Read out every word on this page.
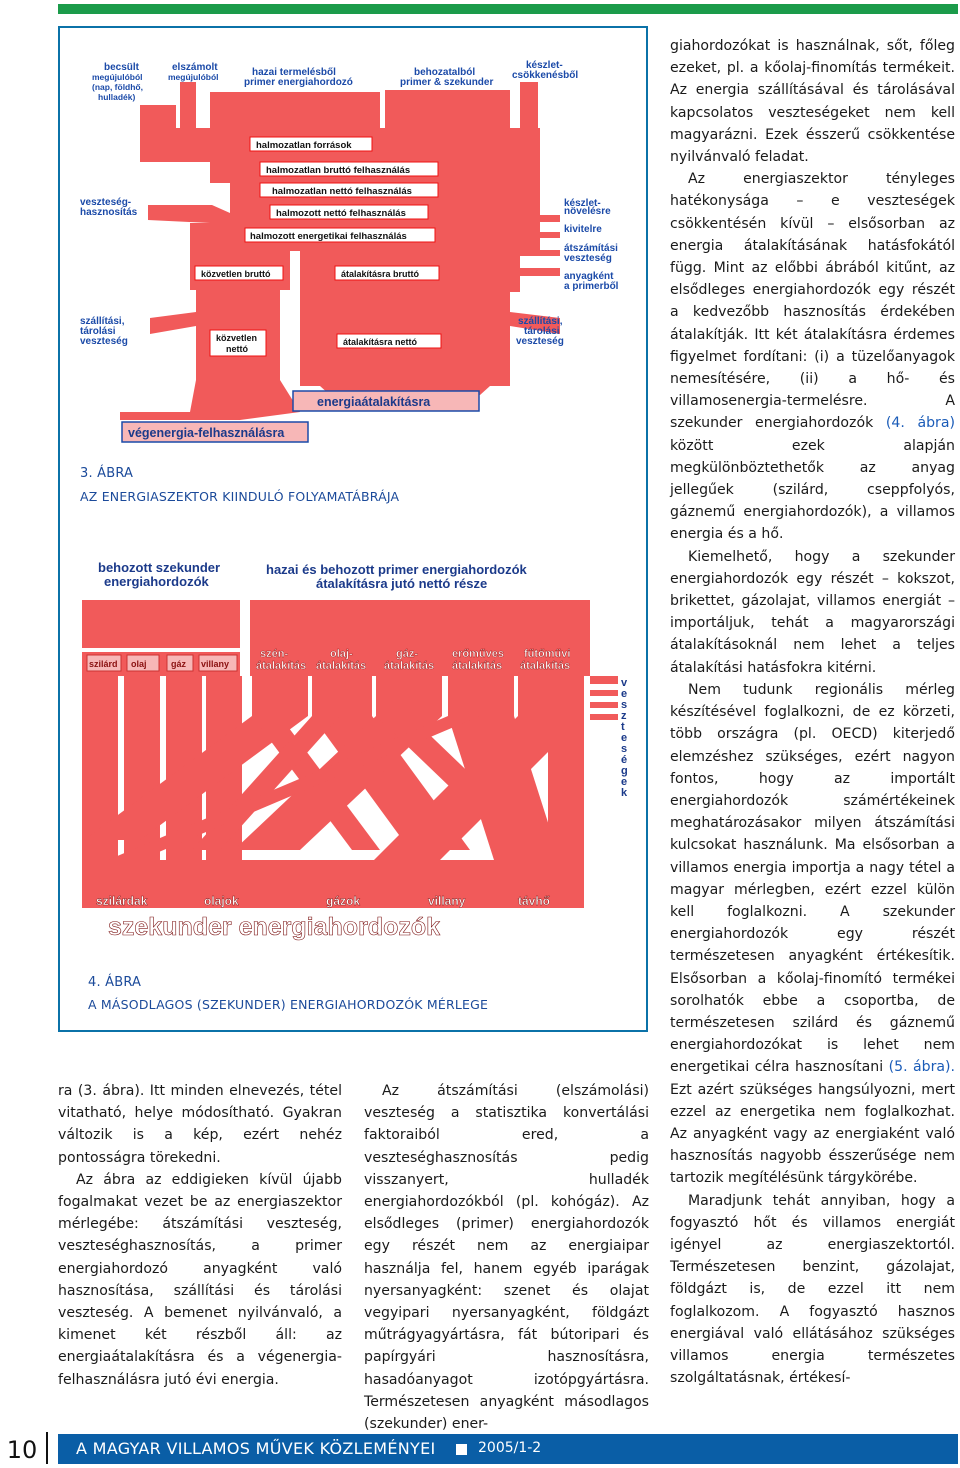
becsült
megújulóból
(nap, földhő,
hulladék)
elszámolt
megújulóból	hazai termelésből
primer energiahordozó
behozatalból
primer & szekunder
készlet-
csökkenésből
veszteség-
hasznosítás
készlet-
növelésre
kivitelre
átszámítási
veszteség
anyagként
a primerből
szállítási,
tárolási
veszteség
szállítási,
tárolási
veszteség
halmozatlan források
halmozatlan bruttó felhasználás
halmozatlan nettó felhasználás
halmozott nettó felhasználás
halmozott energetikai felhasználás
közvetlen bruttó	átalakításra bruttó
közvetlen
nettó
átalakításra nettó
energiaátalakításra
végenergia-felhasználásra
3. ÁBRA
AZ ENERGIASZEKTOR KIINDULÓ FOLYAMATÁBRÁJA
behozott szekunder
energiahordozók
hazai és behozott primer energiahordozók
átalakításra jutó nettó része
szilárd olaj	gáz villany
szén-
átalakítás
olaj-
átalakítás
gáz-
átalakítás
erőműves
átalakítás
fűtőművi
átalakítás
szilárdak	olajok	gázok	villany	távhő
szekunder energiahordozók
v e s z t e s é g e k
4. ÁBRA
A MÁSODLAGOS (SZEKUNDER) ENERGIAHORDOZÓK MÉRLEGE

ra (3. ábra). Itt minden elnevezés, tétel vitatható, helye módosítható. Gyakran változik is a kép, ezért nehéz pontosságra törekedni.

Az ábra az eddigieken kívül újabb fogalmakat vezet be az energiaszektor mérlegébe: átszámítási veszteség, veszteséghasznosítás, a primer energiahordozó anyagként való hasznosítása, szállítási és tárolási veszteség. A bemenet nyilvánvaló, a kimenet két részből áll: az energiaátalakításra és a végenergia-felhasználásra jutó évi energia.

Az átszámítási (elszámolási) veszteség a statisztika konvertálási faktoraiból ered, a veszteséghasznosítás pedig visszanyert, hulladék energiahordozókból (pl. kohógáz). Az elsődleges (primer) energiahordozók egy részét nem az energiaipar használja fel, hanem egyéb iparágak nyersanyagként: szenet és olajat vegyipari nyersanyagként, földgázt műtrágyagyártásra, fát bútoripari és papírgyári hasznosításra, hasadóanyagot izotópgyártásra. Természetesen anyagként másodlagos (szekunder) ener-

giahordozókat is használnak, sőt, főleg ezeket, pl. a kőolaj-finomítás termékeit. Az energia szállításával és tárolásával kapcsolatos veszteségeket nem kell magyarázni. Ezek ésszerű csökkentése nyilvánvaló feladat.

Az energiaszektor tényleges hatékonysága – e veszteségek csökkentésén kívül – elsősorban az energia átalakításának hatásfokától függ. Mint az előbbi ábrából kitűnt, az elsődleges energiahordozók egy részét a kedvezőbb hasznosítás érdekében átalakítják. Itt két átalakításra érdemes figyelmet fordítani: (i) a tüzelőanyagok nemesítésére, (ii) a hő- és villamosenergia-termelésre. A szekunder energiahordozók (4. ábra) között ezek alapján megkülönböztethetők az anyag jellegűek (szilárd, cseppfolyós, gáznemű energiahordozók), a villamos energia és a hő.

Kiemelhető, hogy a szekunder energiahordozók egy részét – kokszot, brikettet, gázolajat, villamos energiát – importáljuk, tehát a magyarországi átalakításoknál nem lehet a teljes átalakítási hatásfokra kitérni.

Nem tudunk regionális mérleg készítésével foglalkozni, de ez körzeti, több országra (pl. OECD) kiterjedő elemzéshez szükséges, ezért nagyon fontos, hogy az importált energiahordozók számértékeinek meghatározásakor milyen átszámítási kulcsokat használunk. Ma elsősorban a villamos energia importja a nagy tétel a magyar mérlegben, ezért ezzel külön kell foglalkozni. A szekunder energiahordozók egy részét természetesen anyagként értékesítik. Elsősorban a kőolaj-finomító termékei sorolhatók ebbe a csoportba, de természetesen szilárd és gáznemű energiahordozókat is lehet nem energetikai célra hasznosítani (5. ábra). Ezt azért szükséges hangsúlyozni, mert ezzel az energetika nem foglalkozhat. Az anyagként vagy az energiaként való hasznosítás nagyobb ésszerűsége nem tartozik megítélésünk tárgykörébe.

Maradjunk tehát annyiban, hogy a fogyasztó hőt és villamos energiát igényel az energiaszektortól. Természetesen benzint, gázolajat, földgázt is, de ezzel itt nem foglalkozom. A fogyasztó hasznos energiával való ellátásához szükséges villamos energia természetes szolgáltatásnak, értékesí-

10	A MAGYAR VILLAMOS MŰVEK KÖZLEMÉNYEI	2005/1-2
